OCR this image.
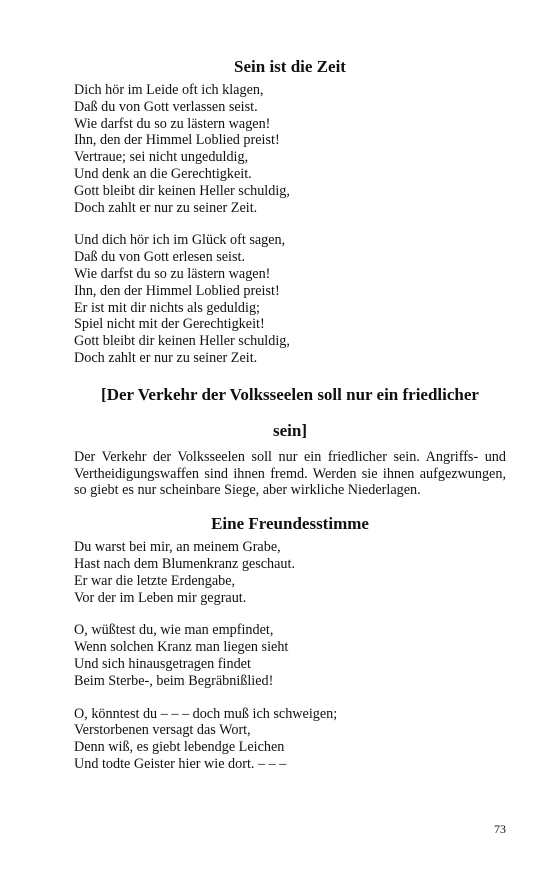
Sein ist die Zeit

Dich hör im Leide oft ich klagen,
Daß du von Gott verlassen seist.
Wie darfst du so zu lästern wagen!
Ihn, den der Himmel Loblied preist!
Vertraue; sei nicht ungeduldig,
Und denk an die Gerechtigkeit.
Gott bleibt dir keinen Heller schuldig,
Doch zahlt er nur zu seiner Zeit.

Und dich hör ich im Glück oft sagen,
Daß du von Gott erlesen seist.
Wie darfst du so zu lästern wagen!
Ihn, den der Himmel Loblied preist!
Er ist mit dir nichts als geduldig;
Spiel nicht mit der Gerechtigkeit!
Gott bleibt dir keinen Heller schuldig,
Doch zahlt er nur zu seiner Zeit.

[Der Verkehr der Volksseelen soll nur ein friedlicher
sein]

Der Verkehr der Volksseelen soll nur ein friedlicher sein. Angriffs- und Vertheidigungswaffen sind ihnen fremd. Werden sie ihnen aufgezwungen, so giebt es nur scheinbare Siege, aber wirkliche Niederlagen.

Eine Freundesstimme

Du warst bei mir, an meinem Grabe,
Hast nach dem Blumenkranz geschaut.
Er war die letzte Erdengabe,
Vor der im Leben mir gegraut.

O, wüßtest du, wie man empfindet,
Wenn solchen Kranz man liegen sieht
Und sich hinausgetragen findet
Beim Sterbe-, beim Begräbnißlied!

O, könntest du – – – doch muß ich schweigen;
Verstorbenen versagt das Wort,
Denn wiß, es giebt lebendge Leichen
Und todte Geister hier wie dort. – – –

73
